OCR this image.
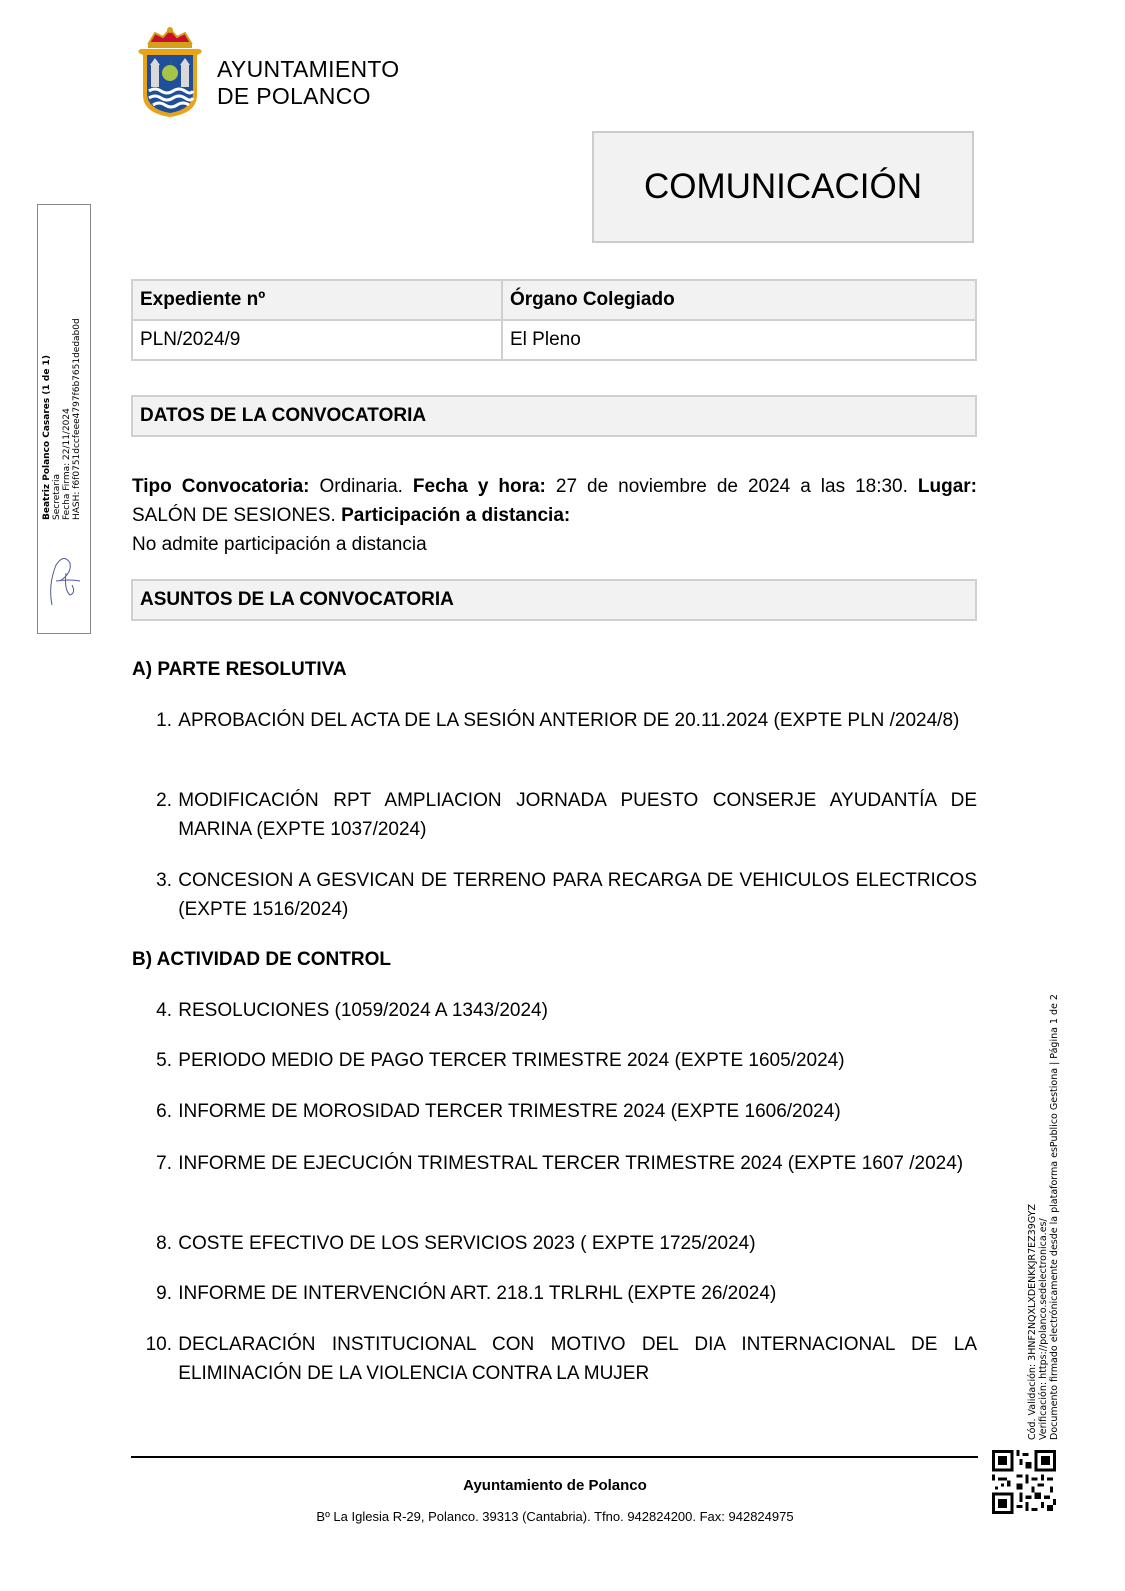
AYUNTAMIENTO
DE POLANCO
COMUNICACIÓN
Expediente nº	Órgano Colegiado
PLN/2024/9	El Pleno
DATOS DE LA CONVOCATORIA
Tipo Convocatoria: Ordinaria. Fecha y hora: 27 de noviembre de 2024 a las 18:30. Lugar: SALÓN DE SESIONES. Participación a distancia:
No admite participación a distancia
ASUNTOS DE LA CONVOCATORIA
A) PARTE RESOLUTIVA
1.
APROBACIÓN DEL ACTA DE LA SESIÓN ANTERIOR DE 20.11.2024 (EXPTE PLN /2024/8)
2.
MODIFICACIÓN RPT AMPLIACION JORNADA PUESTO CONSERJE AYUDANTÍA DE MARINA (EXPTE 1037/2024)
3.
CONCESION A GESVICAN DE TERRENO PARA RECARGA DE VEHICULOS ELECTRICOS (EXPTE 1516/2024)
B) ACTIVIDAD DE CONTROL
4.
RESOLUCIONES (1059/2024 A 1343/2024)
5.
PERIODO MEDIO DE PAGO TERCER TRIMESTRE 2024 (EXPTE 1605/2024)
6.
INFORME DE MOROSIDAD TERCER TRIMESTRE 2024 (EXPTE 1606/2024)
7.
INFORME DE EJECUCIÓN TRIMESTRAL TERCER TRIMESTRE 2024 (EXPTE 1607 /2024)
8.
COSTE EFECTIVO DE LOS SERVICIOS 2023 ( EXPTE 1725/2024)
9.
INFORME DE INTERVENCIÓN ART. 218.1 TRLRHL (EXPTE 26/2024)
10.
DECLARACIÓN INSTITUCIONAL CON MOTIVO DEL DIA INTERNACIONAL DE LA ELIMINACIÓN DE LA VIOLENCIA CONTRA LA MUJER
Ayuntamiento de Polanco
Bº La Iglesia R-29, Polanco. 39313 (Cantabria). Tfno. 942824200. Fax: 942824975
Beatriz Polanco Casares (1 de 1) Secretaria Fecha Firma: 22/11/2024 HASH: f6f0751dccfeee4797f6b7651dedab0d
Cód. Validación: 3HNF2NQXLXDENKKJR7EZ39GYZ Verificación: https://polanco.sedelectronica.es/ Documento firmado electrónicamente desde la plataforma esPublico Gestiona | Página 1 de 2
